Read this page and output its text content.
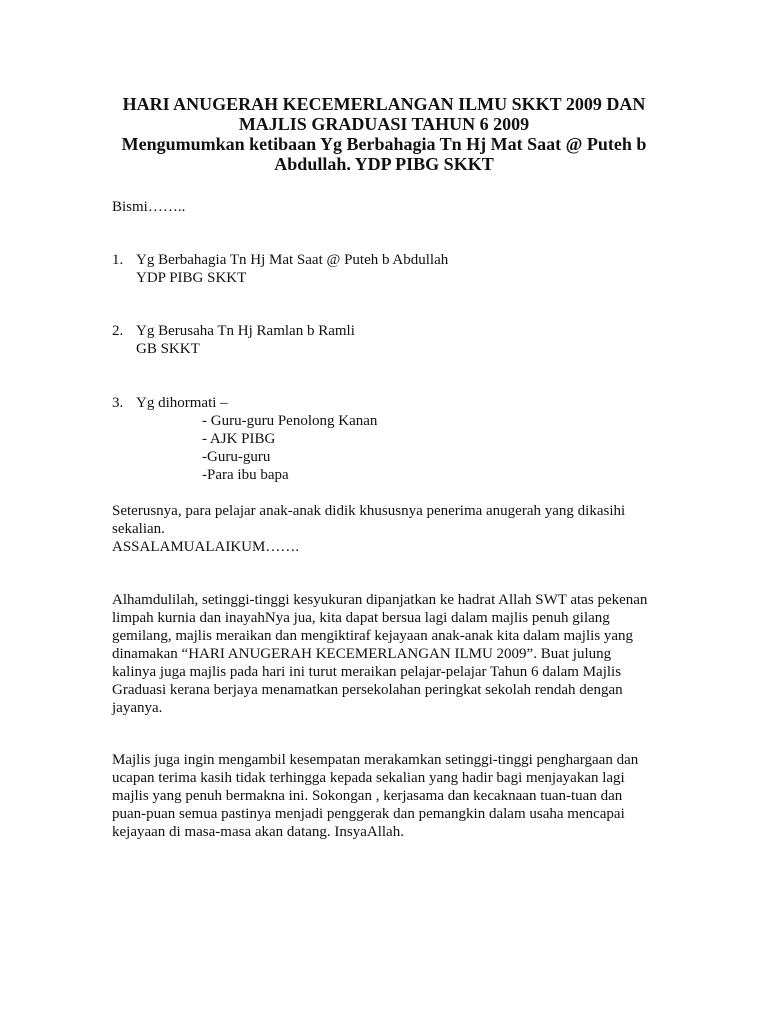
HARI ANUGERAH KECEMERLANGAN ILMU SKKT 2009 DAN
MAJLIS GRADUASI TAHUN 6 2009
Mengumumkan ketibaan Yg Berbahagia Tn Hj Mat Saat @ Puteh b
Abdullah. YDP PIBG SKKT
Bismi……..
1. Yg Berbahagia Tn Hj Mat Saat @ Puteh b Abdullah
YDP PIBG SKKT
2. Yg Berusaha Tn Hj Ramlan b Ramli
GB SKKT
3. Yg dihormati –
- Guru-guru Penolong Kanan
- AJK PIBG
-Guru-guru
-Para ibu bapa
Seterusnya, para pelajar anak-anak didik khususnya penerima anugerah yang dikasihi
sekalian.
ASSALAMUALAIKUM…….
Alhamdulilah, setinggi-tinggi kesyukuran dipanjatkan ke hadrat Allah SWT atas pekenan
limpah kurnia dan inayahNya jua, kita dapat bersua lagi dalam majlis penuh gilang
gemilang, majlis meraikan dan mengiktiraf kejayaan anak-anak kita dalam majlis yang
dinamakan “HARI ANUGERAH KECEMERLANGAN ILMU 2009”. Buat julung
kalinya juga majlis pada hari ini turut meraikan pelajar-pelajar Tahun 6 dalam Majlis
Graduasi kerana berjaya menamatkan persekolahan peringkat sekolah rendah dengan
jayanya.
Majlis juga ingin mengambil kesempatan merakamkan setinggi-tinggi penghargaan dan
ucapan terima kasih tidak terhingga kepada sekalian yang hadir bagi menjayakan lagi
majlis yang penuh bermakna ini. Sokongan , kerjasama dan kecaknaan tuan-tuan dan
puan-puan semua pastinya menjadi penggerak dan pemangkin dalam usaha mencapai
kejayaan di masa-masa akan datang. InsyaAllah.
